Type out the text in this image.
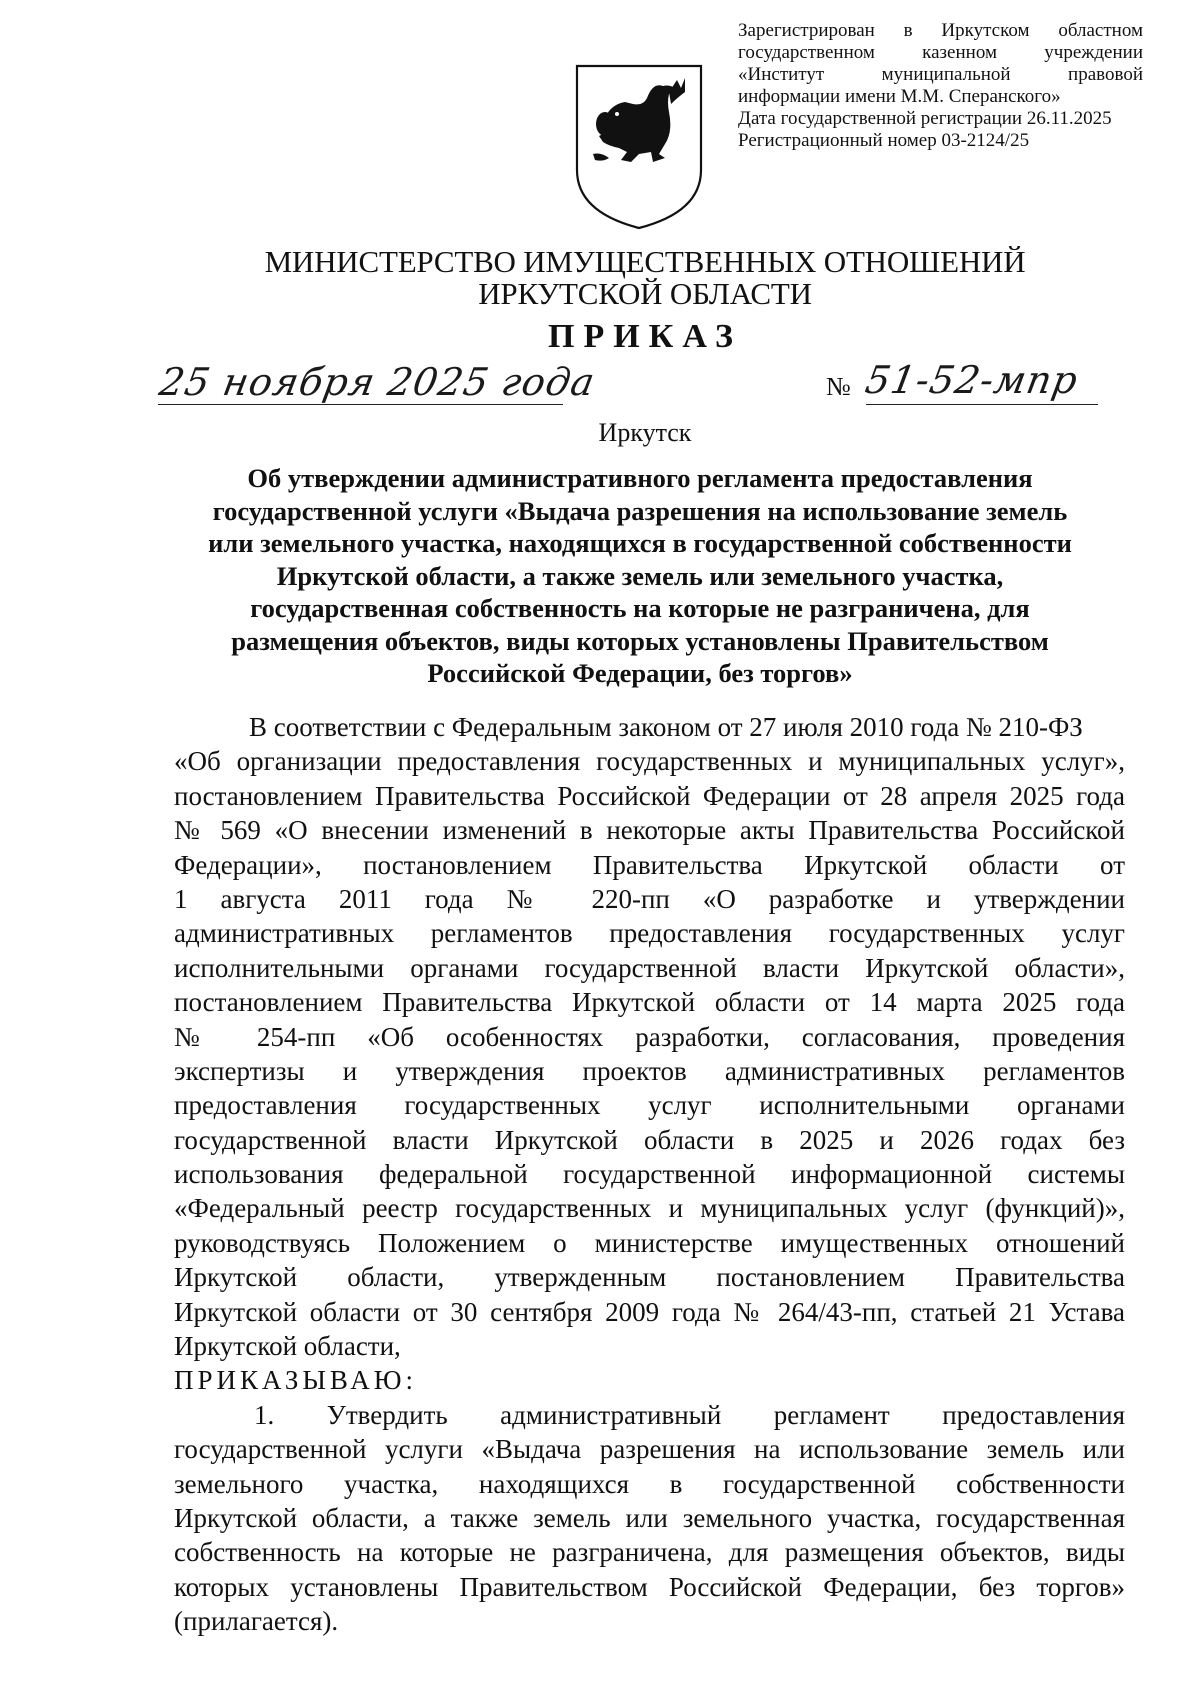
Зарегистрирован в Иркутском областном
государственном казенном учреждении
«Институт муниципальной правовой
информации имени М.М. Сперанского»
Дата государственной регистрации 26.11.2025
Регистрационный номер 03-2124/25
МИНИСТЕРСТВО ИМУЩЕСТВЕННЫХ ОТНОШЕНИЙ
ИРКУТСКОЙ ОБЛАСТИ
ПРИКАЗ
25 ноября 2025 года	№ 51-52-мпр
Иркутск
Об утверждении административного регламента предоставления
государственной услуги «Выдача разрешения на использование земель
или земельного участка, находящихся в государственной собственности
Иркутской области, а также земель или земельного участка,
государственная собственность на которые не разграничена, для
размещения объектов, виды которых установлены Правительством
Российской Федерации, без торгов»
В соответствии с Федеральным законом от 27 июля 2010 года № 210-ФЗ
«Об организации предоставления государственных и муниципальных услуг»,
постановлением Правительства Российской Федерации от 28 апреля 2025 года
№ 569 «О внесении изменений в некоторые акты Правительства Российской
Федерации», постановлением Правительства Иркутской области от
1 августа 2011 года № 220-пп «О разработке и утверждении
административных регламентов предоставления государственных услуг
исполнительными органами государственной власти Иркутской области»,
постановлением Правительства Иркутской области от 14 марта 2025 года
№ 254-пп «Об особенностях разработки, согласования, проведения
экспертизы и утверждения проектов административных регламентов
предоставления государственных услуг исполнительными органами
государственной власти Иркутской области в 2025 и 2026 годах без
использования федеральной государственной информационной системы
«Федеральный реестр государственных и муниципальных услуг (функций)»,
руководствуясь Положением о министерстве имущественных отношений
Иркутской области, утвержденным постановлением Правительства
Иркутской области от 30 сентября 2009 года № 264/43-пп, статьей 21 Устава
Иркутской области,
ПРИКАЗЫВАЮ:
1. Утвердить административный регламент предоставления
государственной услуги «Выдача разрешения на использование земель или
земельного участка, находящихся в государственной собственности
Иркутской области, а также земель или земельного участка, государственная
собственность на которые не разграничена, для размещения объектов, виды
которых установлены Правительством Российской Федерации, без торгов»
(прилагается).
